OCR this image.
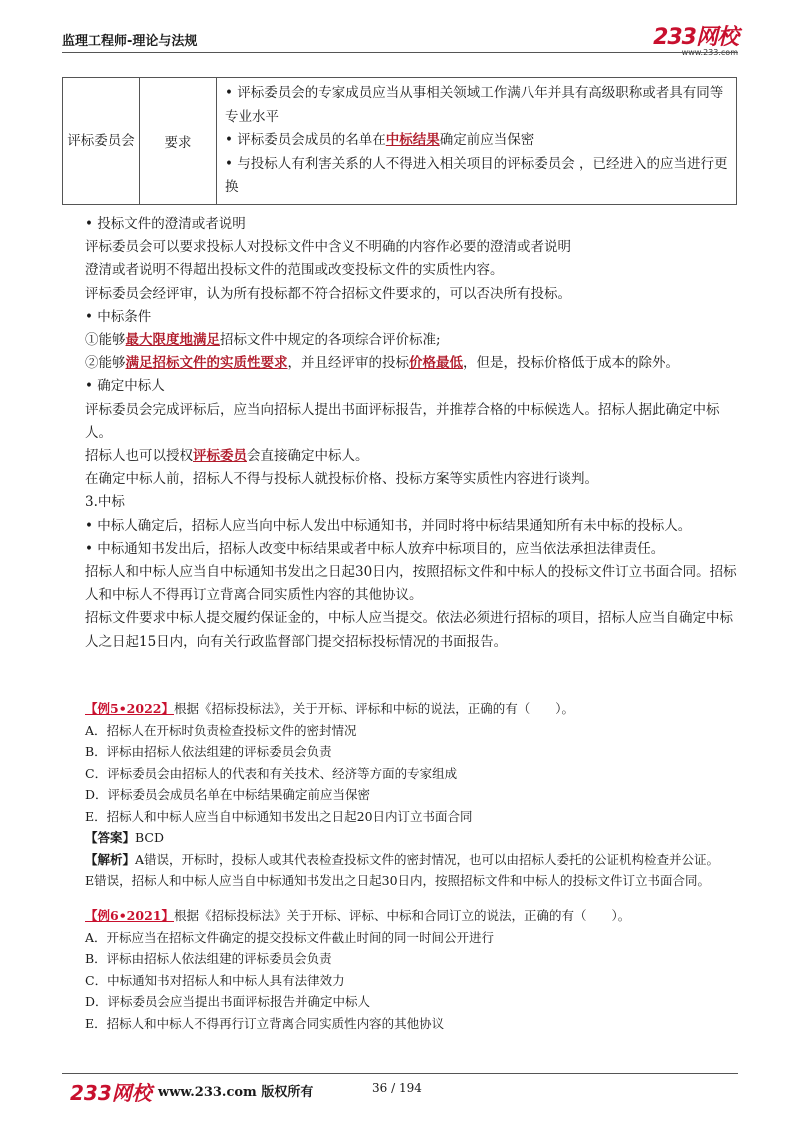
监理工程师-理论与法规	233网校
www.233.com
评标委员会	要求	
• 评标委员会的专家成员应当从事相关领域工作满八年并具有高级职称或者具有同等专业水平
• 评标委员会成员的名单在中标结果确定前应当保密
• 与投标人有利害关系的人不得进入相关项目的评标委员会 ，已经进入的应当进行更换

• 投标文件的澄清或者说明

评标委员会可以要求投标人对投标文件中含义不明确的内容作必要的澄清或者说明

澄清或者说明不得超出投标文件的范围或改变投标文件的实质性内容。

评标委员会经评审，认为所有投标都不符合招标文件要求的，可以否决所有投标。

• 中标条件

①能够最大限度地满足招标文件中规定的各项综合评价标准;

②能够满足招标文件的实质性要求，并且经评审的投标价格最低，但是，投标价格低于成本的除外。

• 确定中标人

评标委员会完成评标后，应当向招标人提出书面评标报告，并推荐合格的中标候选人。招标人据此确定中标人。

招标人也可以授权评标委员会直接确定中标人。

在确定中标人前，招标人不得与投标人就投标价格、投标方案等实质性内容进行谈判。

3.中标

• 中标人确定后，招标人应当向中标人发出中标通知书，并同时将中标结果通知所有未中标的投标人。

• 中标通知书发出后，招标人改变中标结果或者中标人放弃中标项目的，应当依法承担法律责任。

招标人和中标人应当自中标通知书发出之日起30日内，按照招标文件和中标人的投标文件订立书面合同。招标人和中标人不得再订立背离合同实质性内容的其他协议。

招标文件要求中标人提交履约保证金的，中标人应当提交。依法必须进行招标的项目，招标人应当自确定中标人之日起15日内，向有关行政监督部门提交招标投标情况的书面报告。

【例5•2022】根据《招标投标法》，关于开标、评标和中标的说法，正确的有（　　）。

A．招标人在开标时负责检查投标文件的密封情况

B．评标由招标人依法组建的评标委员会负责

C．评标委员会由招标人的代表和有关技术、经济等方面的专家组成

D．评标委员会成员名单在中标结果确定前应当保密

E．招标人和中标人应当自中标通知书发出之日起20日内订立书面合同

【答案】BCD

【解析】A错误，开标时，投标人或其代表检查投标文件的密封情况，也可以由招标人委托的公证机构检查并公证。

E错误，招标人和中标人应当自中标通知书发出之日起30日内，按照招标文件和中标人的投标文件订立书面合同。

【例6•2021】根据《招标投标法》关于开标、评标、中标和合同订立的说法，正确的有（　　）。

A．开标应当在招标文件确定的提交投标文件截止时间的同一时间公开进行

B．评标由招标人依法组建的评标委员会负责

C．中标通知书对招标人和中标人具有法律效力

D．评标委员会应当提出书面评标报告并确定中标人

E．招标人和中标人不得再行订立背离合同实质性内容的其他协议

233网校 www.233.com 版权所有	36 / 194
